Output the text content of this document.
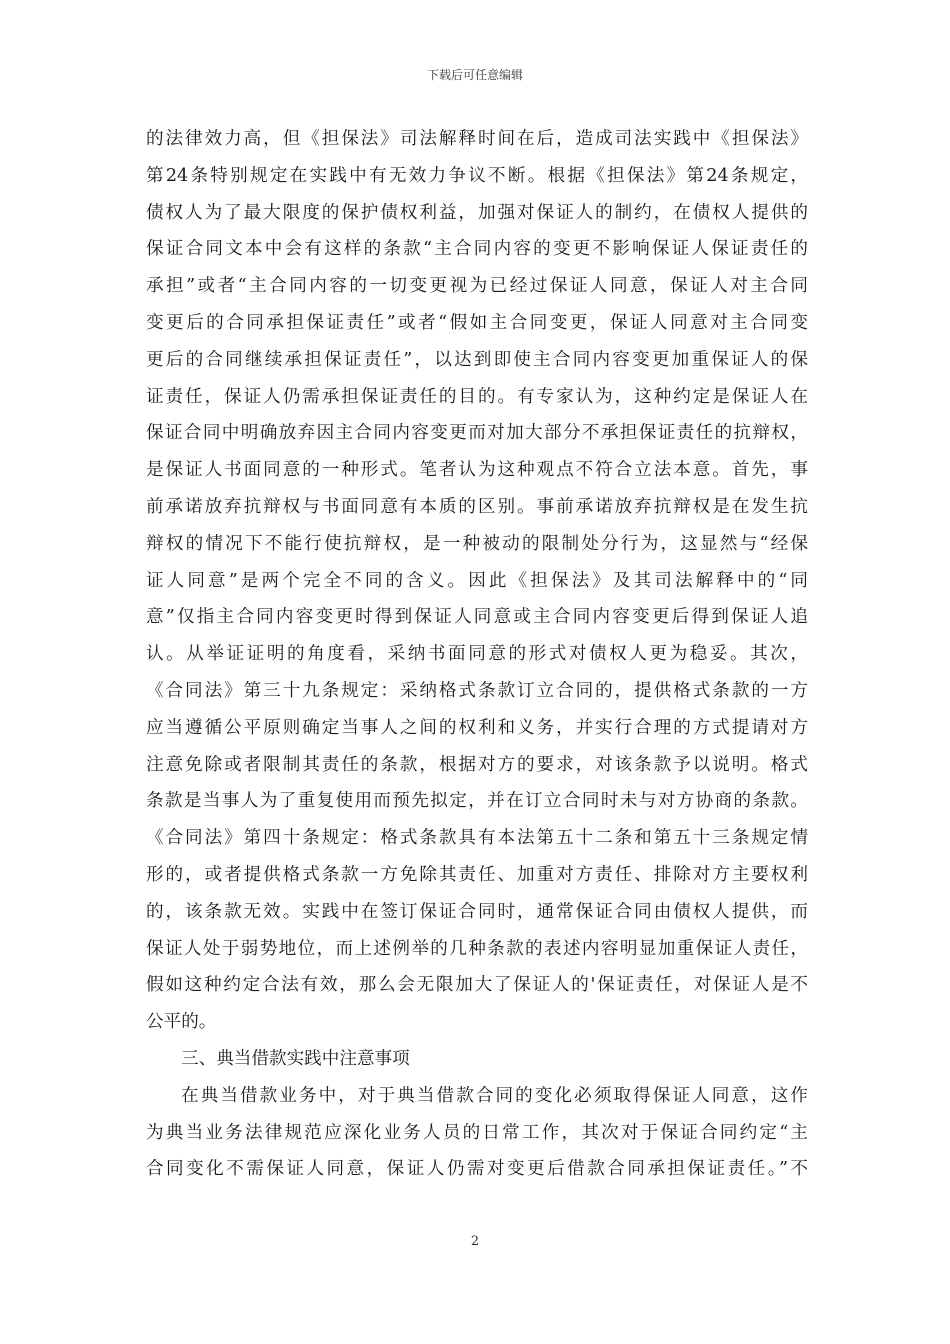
下载后可任意编辑
的法律效力高，但《担保法》司法解释时间在后，造成司法实践中《担保法》
第24条特别规定在实践中有无效力争议不断。根据《担保法》第24条规定，
债权人为了最大限度的保护债权利益，加强对保证人的制约，在债权人提供的
保证合同文本中会有这样的条款“主合同内容的变更不影响保证人保证责任的
承担”或者“主合同内容的一切变更视为已经过保证人同意，保证人对主合同
变更后的合同承担保证责任”或者“假如主合同变更，保证人同意对主合同变
更后的合同继续承担保证责任”，以达到即使主合同内容变更加重保证人的保
证责任，保证人仍需承担保证责任的目的。有专家认为，这种约定是保证人在
保证合同中明确放弃因主合同内容变更而对加大部分不承担保证责任的抗辩权，
是保证人书面同意的一种形式。笔者认为这种观点不符合立法本意。首先，事
前承诺放弃抗辩权与书面同意有本质的区别。事前承诺放弃抗辩权是在发生抗
辩权的情况下不能行使抗辩权，是一种被动的限制处分行为，这显然与“经保
证人同意”是两个完全不同的含义。因此《担保法》及其司法解释中的“同
意”仅指主合同内容变更时得到保证人同意或主合同内容变更后得到保证人追
认。从举证证明的角度看，采纳书面同意的形式对债权人更为稳妥。其次，
《合同法》第三十九条规定：采纳格式条款订立合同的，提供格式条款的一方
应当遵循公平原则确定当事人之间的权利和义务，并实行合理的方式提请对方
注意免除或者限制其责任的条款，根据对方的要求，对该条款予以说明。格式
条款是当事人为了重复使用而预先拟定，并在订立合同时未与对方协商的条款。
《合同法》第四十条规定：格式条款具有本法第五十二条和第五十三条规定情
形的，或者提供格式条款一方免除其责任、加重对方责任、排除对方主要权利
的，该条款无效。实践中在签订保证合同时，通常保证合同由债权人提供，而
保证人处于弱势地位，而上述例举的几种条款的表述内容明显加重保证人责任，
假如这种约定合法有效，那么会无限加大了保证人的'保证责任，对保证人是不
公平的。
三、典当借款实践中注意事项
在典当借款业务中，对于典当借款合同的变化必须取得保证人同意，这作
为典当业务法律规范应深化业务人员的日常工作，其次对于保证合同约定“主
合同变化不需保证人同意，保证人仍需对变更后借款合同承担保证责任。”不
2
